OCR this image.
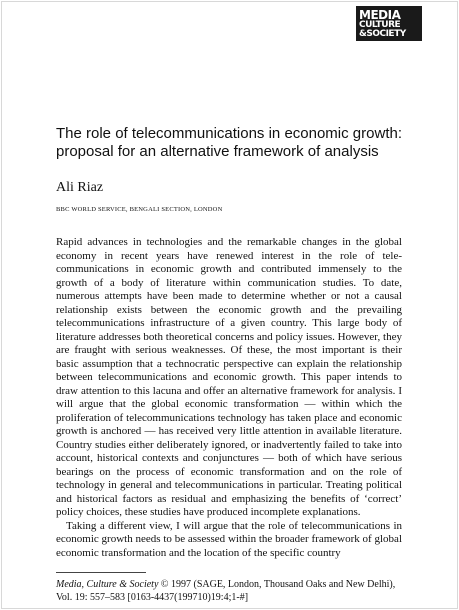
MEDIA
CULTURE
&SOCIETY
The role of telecommunications in economic growth: proposal for an alternative framework of analysis
Ali Riaz
BBC WORLD SERVICE, BENGALI SECTION, LONDON

Rapid advances in technologies and the remarkable changes in the global economy in recent years have renewed interest in the role of telecommunications in economic growth and contributed immensely to the growth of a body of literature within communication studies. To date, numerous attempts have been made to determine whether or not a causal relationship exists between the economic growth and the prevailing telecommunications infrastructure of a given country. This large body of literature addresses both theoretical concerns and policy issues. However, they are fraught with serious weaknesses. Of these, the most important is their basic assumption that a technocratic perspective can explain the relationship between telecommunications and economic growth. This paper intends to draw attention to this lacuna and offer an alternative framework for analysis. I will argue that the global economic transformation — within which the proliferation of telecommunications technology has taken place and economic growth is anchored — has received very little attention in available literature. Country studies either deliberately ignored, or inadvertently failed to take into account, historical contexts and conjunctures — both of which have serious bearings on the process of economic transformation and on the role of technology in general and telecommunications in particular. Treating political and historical factors as residual and emphasizing the benefits of ‘correct’ policy choices, these studies have produced incomplete explanations.

Taking a different view, I will argue that the role of telecommunications in economic growth needs to be assessed within the broader framework of global economic transformation and the location of the specific country

Media, Culture & Society © 1997 (SAGE, London, Thousand Oaks and New Delhi), Vol. 19: 557–583 [0163-4437(199710)19:4;1-#]
